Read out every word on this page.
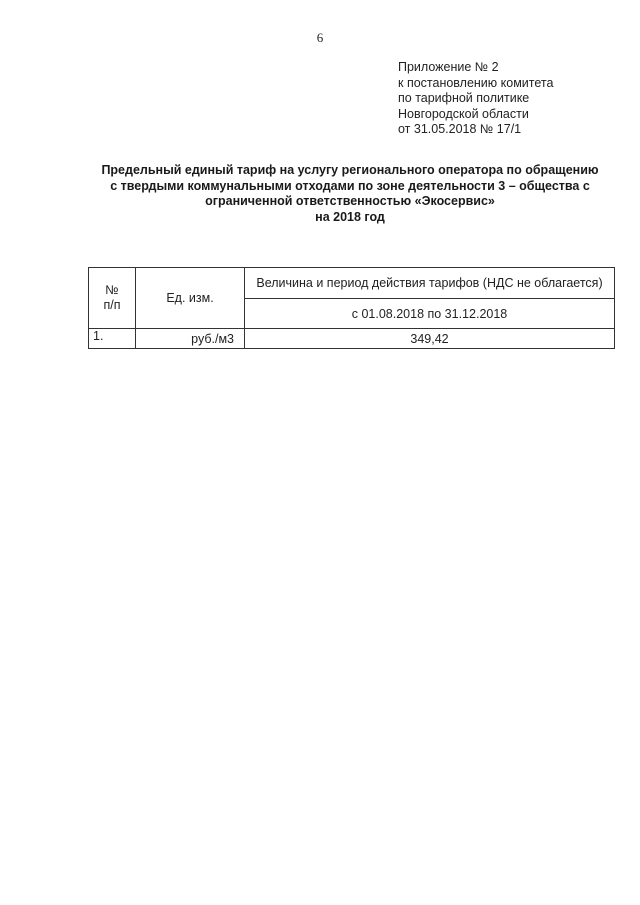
6
Приложение № 2
к постановлению комитета
по тарифной политике
Новгородской области
от 31.05.2018 № 17/1
Предельный единый тариф на услугу регионального оператора по обращению
с твердыми коммунальными отходами по зоне деятельности 3 – общества с
ограниченной ответственностью «Экосервис»
на 2018 год
№
п/п	Ед. изм.	Величина и период действия тарифов (НДС не облагается)
		с 01.08.2018 по 31.12.2018
1.	руб./м3	349,42
